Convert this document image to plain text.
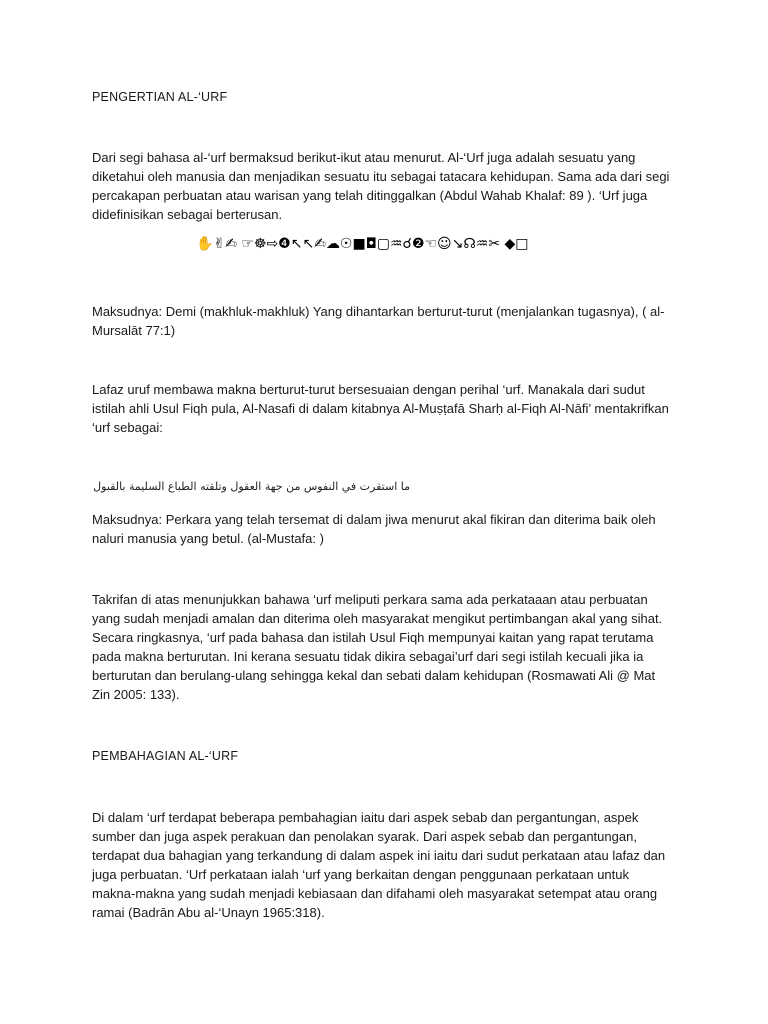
PENGERTIAN AL-‘URF
Dari segi bahasa al-‘urf bermaksud berikut-ikut atau menurut. Al-‘Urf juga adalah sesuatu yang
diketahui oleh manusia dan menjadikan sesuatu itu sebagai tatacara kehidupan. Sama ada dari segi
percakapan perbuatan atau warisan yang telah ditinggalkan (Abdul Wahab Khalaf: 89 ). ‘Urf juga
didefinisikan sebagai berterusan.
✋✌✍ ☞☸⇨❹↖↖✍☁☉■◘▢♒☌❷☜☺↘☊♒✂ ◆□
Maksudnya: Demi (makhluk-makhluk) Yang dihantarkan berturut-turut (menjalankan tugasnya), ( al-
Mursalāt 77:1)
Lafaz uruf membawa makna berturut-turut bersesuaian dengan perihal ‘urf. Manakala dari sudut
istilah ahli Usul Fiqh pula, Al-Nasafi di dalam kitabnya Al-Muṣṭafā Sharḥ al-Fiqh Al-Nāfi’ mentakrifkan
‘urf sebagai:
ما استقرت في النفوس من جهة العقول وتلقته الطباع السليمة بالقبول
Maksudnya: Perkara yang telah tersemat di dalam jiwa menurut akal fikiran dan diterima baik oleh
naluri manusia yang betul. (al-Mustafa: )
Takrifan di atas menunjukkan bahawa ‘urf meliputi perkara sama ada perkataaan atau perbuatan
yang sudah menjadi amalan dan diterima oleh masyarakat mengikut pertimbangan akal yang sihat.
Secara ringkasnya, ‘urf pada bahasa dan istilah Usul Fiqh mempunyai kaitan yang rapat terutama
pada makna berturutan. Ini kerana sesuatu tidak dikira sebagai’urf dari segi istilah kecuali jika ia
berturutan dan berulang-ulang sehingga kekal dan sebati dalam kehidupan (Rosmawati Ali @ Mat
Zin 2005: 133).
PEMBAHAGIAN AL-‘URF
Di dalam ‘urf terdapat beberapa pembahagian iaitu dari aspek sebab dan pergantungan, aspek
sumber dan juga aspek perakuan dan penolakan syarak. Dari aspek sebab dan pergantungan,
terdapat dua bahagian yang terkandung di dalam aspek ini iaitu dari sudut perkataan atau lafaz dan
juga perbuatan. ‘Urf perkataan ialah ‘urf yang berkaitan dengan penggunaan perkataan untuk
makna-makna yang sudah menjadi kebiasaan dan difahami oleh masyarakat setempat atau orang
ramai (Badrān Abu al-‘Unayn 1965:318).
